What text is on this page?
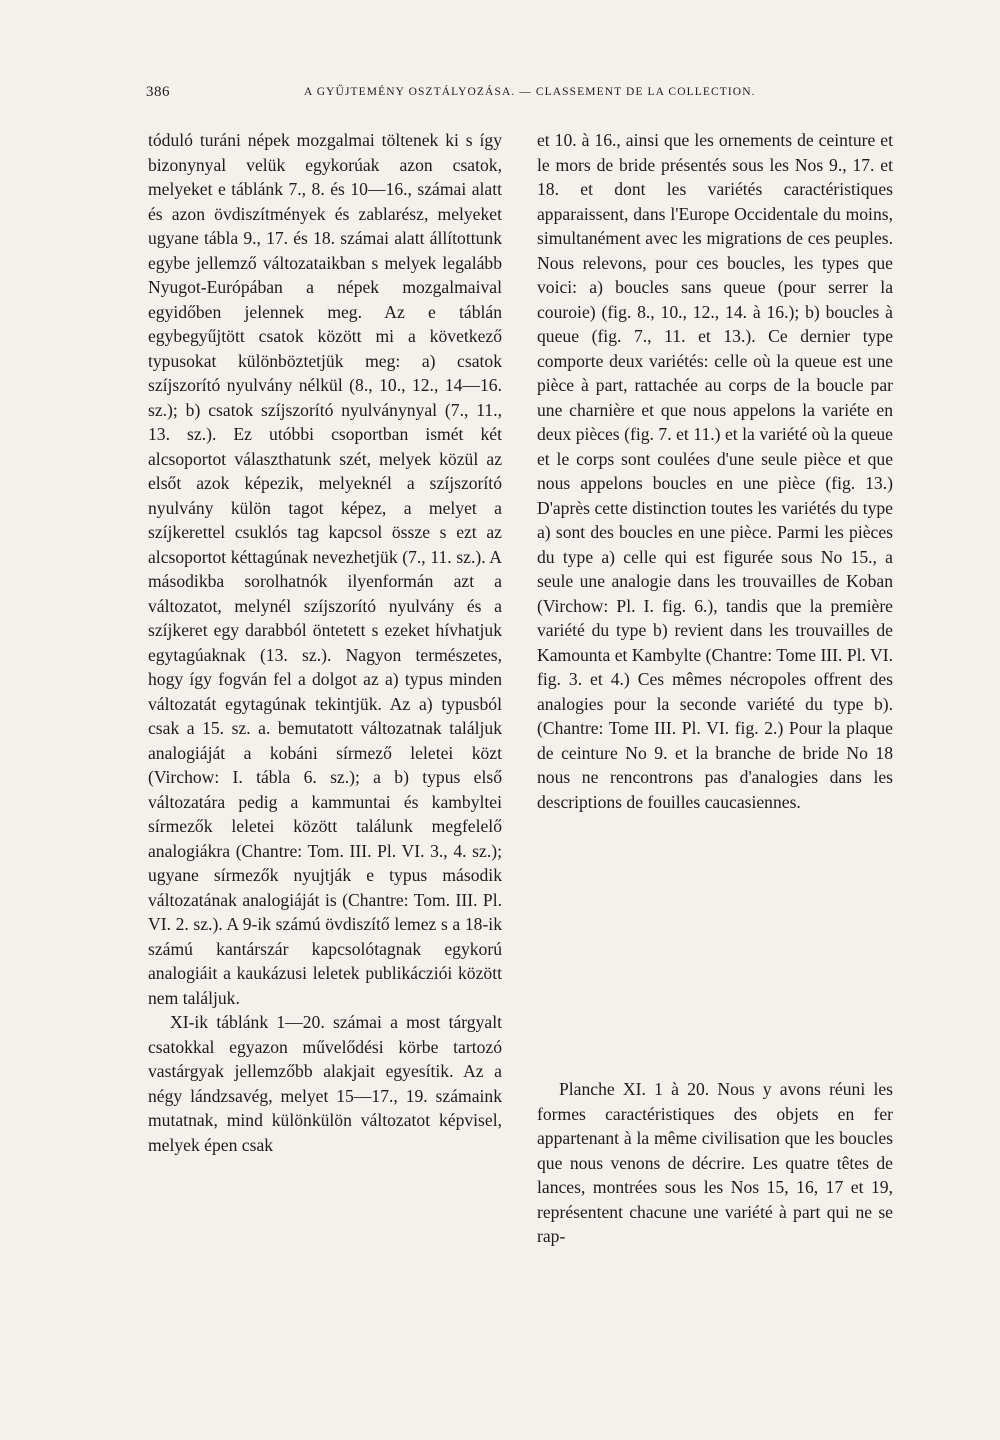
386	A GYŰJTEMÉNY OSZTÁLYOZÁSA. — CLASSEMENT DE LA COLLECTION.

tóduló turáni népek mozgalmai töltenek ki s így bizonynyal velük egykorúak azon csatok, melyeket e táblánk 7., 8. és 10—16., számai alatt és azon övdiszítmények és zablarész, melyeket ugyane tábla 9., 17. és 18. számai alatt állítottunk egybe jellemző változataikban s melyek legalább Nyugot-Európában a népek mozgalmaival egyidőben jelennek meg. Az e táblán egybegyűjtött csatok között mi a következő typusokat különböztetjük meg: a) csatok szíjszorító nyulvány nélkül (8., 10., 12., 14—16. sz.); b) csatok szíjszorító nyulványnyal (7., 11., 13. sz.). Ez utóbbi csoportban ismét két alcsoportot választhatunk szét, melyek közül az elsőt azok képezik, melyeknél a szíjszorító nyulvány külön tagot képez, a melyet a szíjkerettel csuklós tag kapcsol össze s ezt az alcsoportot kéttagúnak nevezhetjük (7., 11. sz.). A másodikba sorolhatnók ilyenformán azt a változatot, melynél szíjszorító nyulvány és a szíjkeret egy darabból öntetett s ezeket hívhatjuk egytagúaknak (13. sz.). Nagyon természetes, hogy így fogván fel a dolgot az a) typus minden változatát egytagúnak tekintjük. Az a) typusból csak a 15. sz. a. bemutatott változatnak találjuk analogiáját a kobáni sírmező leletei közt (Virchow: I. tábla 6. sz.); a b) typus első változatára pedig a kammuntai és kambyltei sírmezők leletei között találunk megfelelő analogiákra (Chantre: Tom. III. Pl. VI. 3., 4. sz.); ugyane sírmezők nyujtják e typus második változatának analogiáját is (Chantre: Tom. III. Pl. VI. 2. sz.). A 9-ik számú övdiszítő lemez s a 18-ik számú kantárszár kapcsolótagnak egykorú analogiáit a kaukázusi leletek publikácziói között nem találjuk.

XI-ik táblánk 1—20. számai a most tárgyalt csatokkal egyazon művelődési körbe tartozó vastárgyak jellemzőbb alakjait egyesítik. Az a négy lándzsavég, melyet 15—17., 19. számaink mutatnak, mind különkülön változatot képvisel, melyek épen csak

et 10. à 16., ainsi que les ornements de ceinture et le mors de bride présentés sous les Nos 9., 17. et 18. et dont les variétés caractéristiques apparaissent, dans l'Europe Occidentale du moins, simultanément avec les migrations de ces peuples. Nous relevons, pour ces boucles, les types que voici: a) boucles sans queue (pour serrer la couroie) (fig. 8., 10., 12., 14. à 16.); b) boucles à queue (fig. 7., 11. et 13.). Ce dernier type comporte deux variétés: celle où la queue est une pièce à part, rattachée au corps de la boucle par une charnière et que nous appelons la variéte en deux pièces (fig. 7. et 11.) et la variété où la queue et le corps sont coulées d'une seule pièce et que nous appelons boucles en une pièce (fig. 13.) D'après cette distinction toutes les variétés du type a) sont des boucles en une pièce. Parmi les pièces du type a) celle qui est figurée sous No 15., a seule une analogie dans les trouvailles de Koban (Virchow: Pl. I. fig. 6.), tandis que la première variété du type b) revient dans les trouvailles de Kamounta et Kambylte (Chantre: Tome III. Pl. VI. fig. 3. et 4.) Ces mêmes nécropoles offrent des analogies pour la seconde variété du type b). (Chantre: Tome III. Pl. VI. fig. 2.) Pour la plaque de ceinture No 9. et la branche de bride No 18 nous ne rencontrons pas d'analogies dans les descriptions de fouilles caucasiennes.

Planche XI. 1 à 20. Nous y avons réuni les formes caractéristiques des objets en fer appartenant à la même civilisation que les boucles que nous venons de décrire. Les quatre têtes de lances, montrées sous les Nos 15, 16, 17 et 19, représentent chacune une variété à part qui ne se rap-
